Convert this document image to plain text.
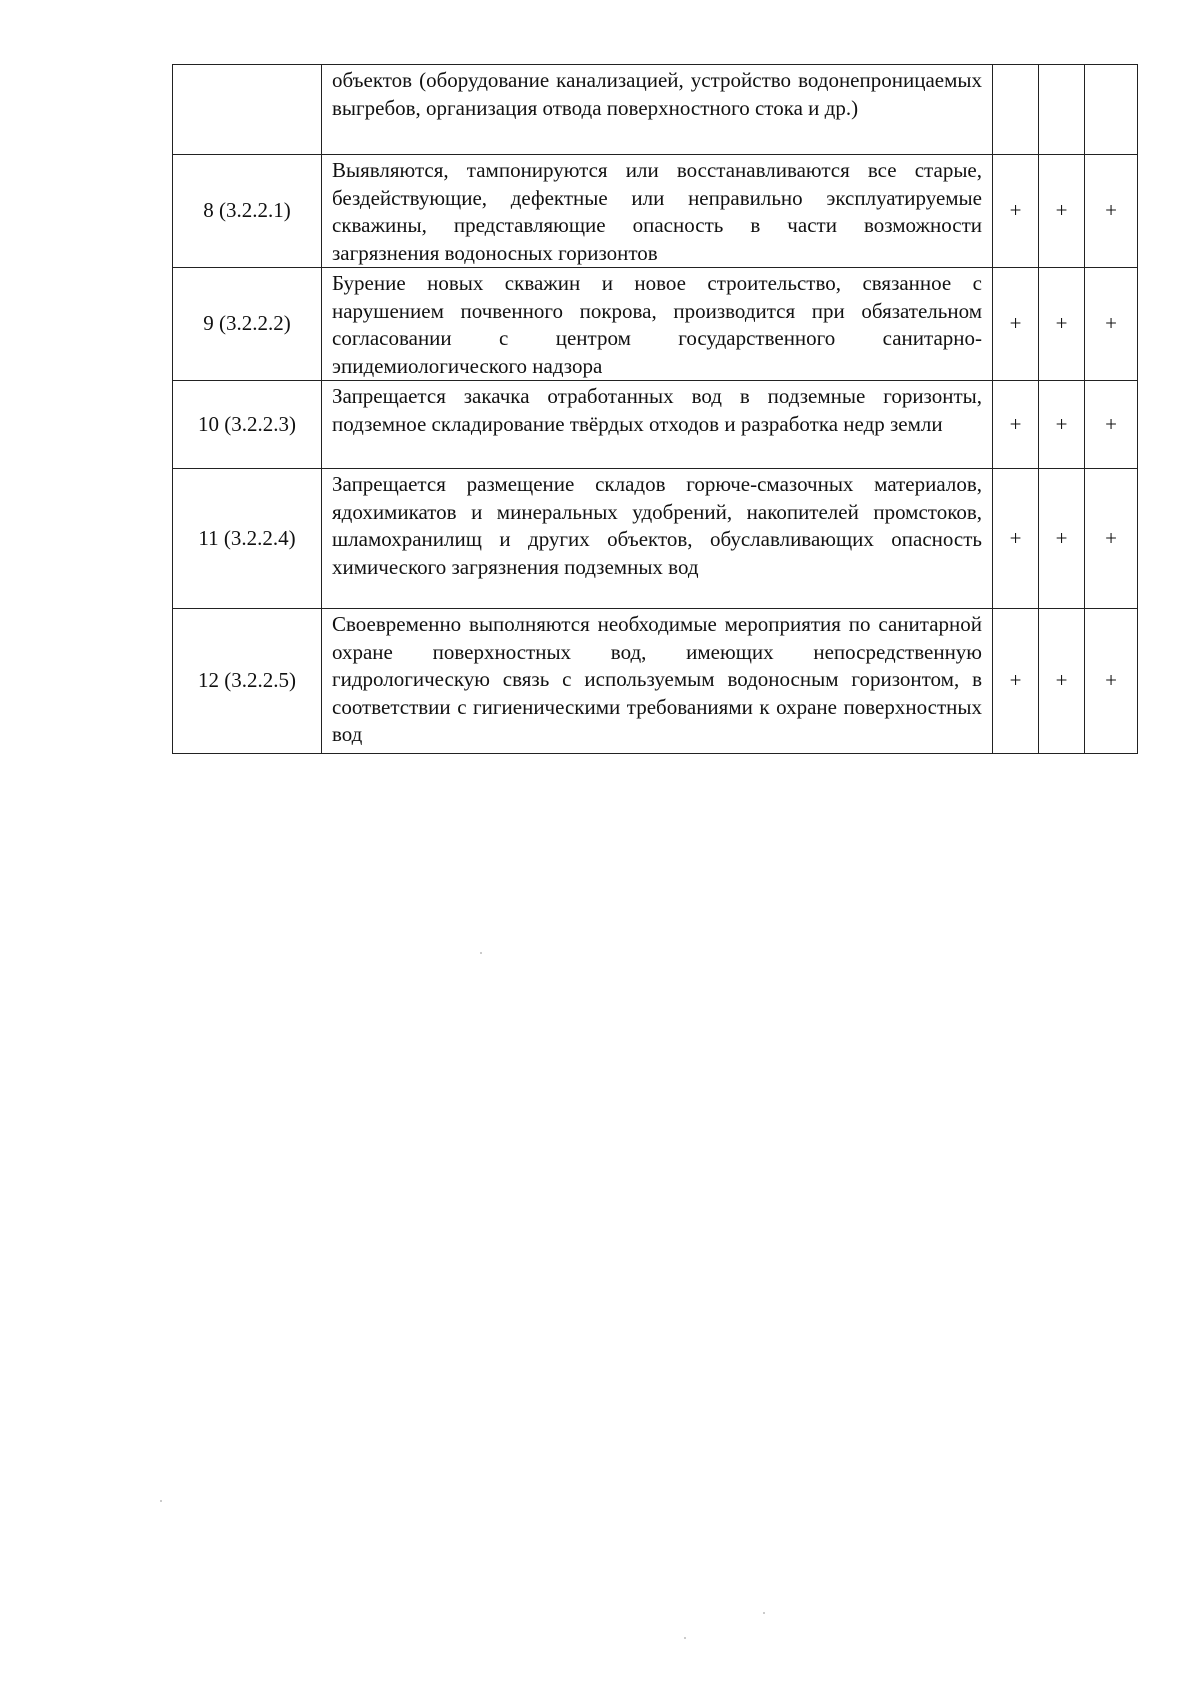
	объектов (оборудование канализацией, устройство водонепроницаемых выгребов, организация отвода поверхностного стока и др.)			
8 (3.2.2.1)	Выявляются, тампонируются или восстанавливаются все старые, бездействующие, дефектные или неправильно эксплуатируемые скважины, представляющие опасность в части возможности загрязнения водоносных горизонтов	+	+	+
9 (3.2.2.2)	Бурение новых скважин и новое строительство, связанное с нарушением почвенного покрова, производится при обязательном согласовании с центром государственного санитарно-эпидемиологического надзора	+	+	+
10 (3.2.2.3)	Запрещается закачка отработанных вод в подземные горизонты, подземное складирование твёрдых отходов и разработка недр земли	+	+	+
11 (3.2.2.4)	Запрещается размещение складов горюче-смазочных материалов, ядохимикатов и минеральных удобрений, накопителей промстоков, шламохранилищ и других объектов, обуславливающих опасность химического загрязнения подземных вод	+	+	+
12 (3.2.2.5)	Своевременно выполняются необходимые мероприятия по санитарной охране поверхностных вод, имеющих непосредственную гидрологическую связь с используемым водоносным горизонтом, в соответствии с гигиеническими требованиями к охране поверхностных вод	+	+	+
